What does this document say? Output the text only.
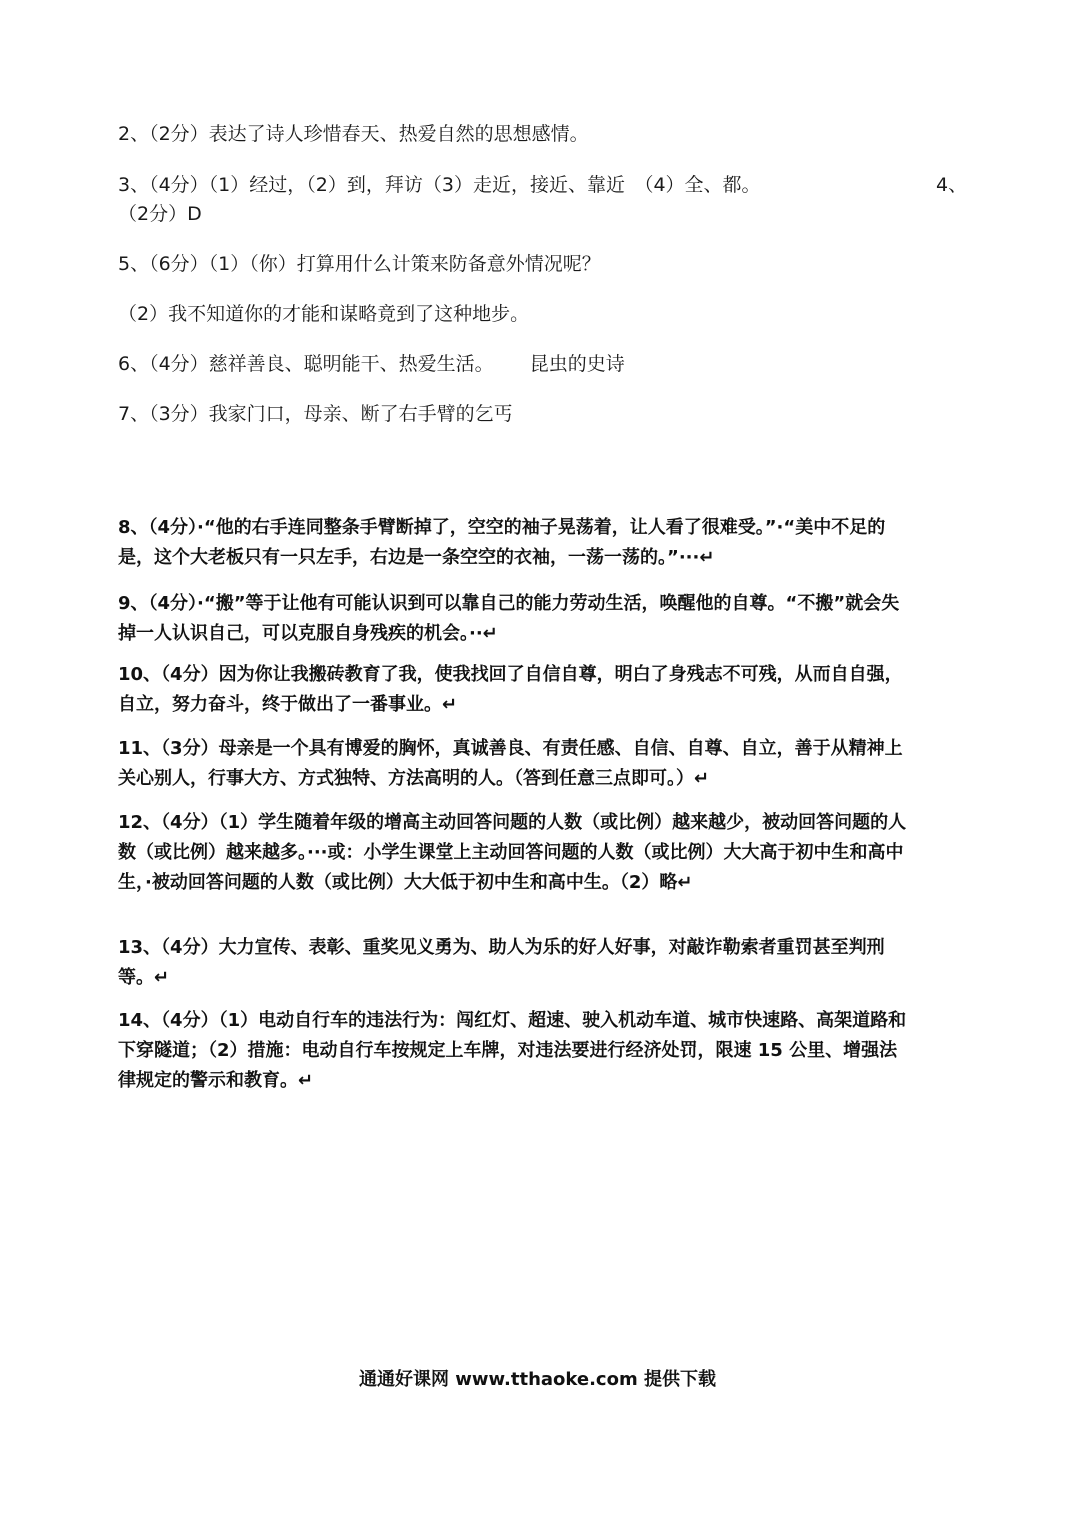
2、（2分）表达了诗人珍惜春天、热爱自然的思想感情。

3、（4分）（1）经过，（2）到，拜访（3）走近，接近、靠近　（4）全、都。	4、

（2分）D

5、（6分）（1）（你）打算用什么计策来防备意外情况呢？

（2）我不知道你的才能和谋略竟到了这种地步。

6、（4分）慈祥善良、聪明能干、热爱生活。 昆虫的史诗

7、（3分）我家门口，母亲、断了右手臂的乞丐

8、（4分）·“他的右手连同整条手臂断掉了，空空的袖子晃荡着，让人看了很难受。”·“美中不足的是，这个大老板只有一只左手，右边是一条空空的衣袖，一荡一荡的。”···↵

9、（4分）·“搬”等于让他有可能认识到可以靠自己的能力劳动生活，唤醒他的自尊。“不搬”就会失掉一人认识自己，可以克服自身残疾的机会。··↵

10、（4分）因为你让我搬砖教育了我，使我找回了自信自尊，明白了身残志不可残，从而自自强，自立，努力奋斗，终于做出了一番事业。↵

11、（3分）母亲是一个具有博爱的胸怀，真诚善良、有责任感、自信、自尊、自立，善于从精神上关心别人，行事大方、方式独特、方法高明的人。（答到任意三点即可。）↵

12、（4分）（1）学生随着年级的增高主动回答问题的人数（或比例）越来越少，被动回答问题的人数（或比例）越来越多。···或：小学生课堂上主动回答问题的人数（或比例）大大高于初中生和高中生，·被动回答问题的人数（或比例）大大低于初中生和高中生。（2）略↵

13、（4分）大力宣传、表彰、重奖见义勇为、助人为乐的好人好事，对敲诈勒索者重罚甚至判刑等。↵

14、（4分）（1）电动自行车的违法行为：闯红灯、超速、驶入机动车道、城市快速路、高架道路和下穿隧道；（2）措施：电动自行车按规定上车牌，对违法要进行经济处罚，限速 15 公里、增强法律规定的警示和教育。↵

通通好课网 www.tthaoke.com 提供下载
